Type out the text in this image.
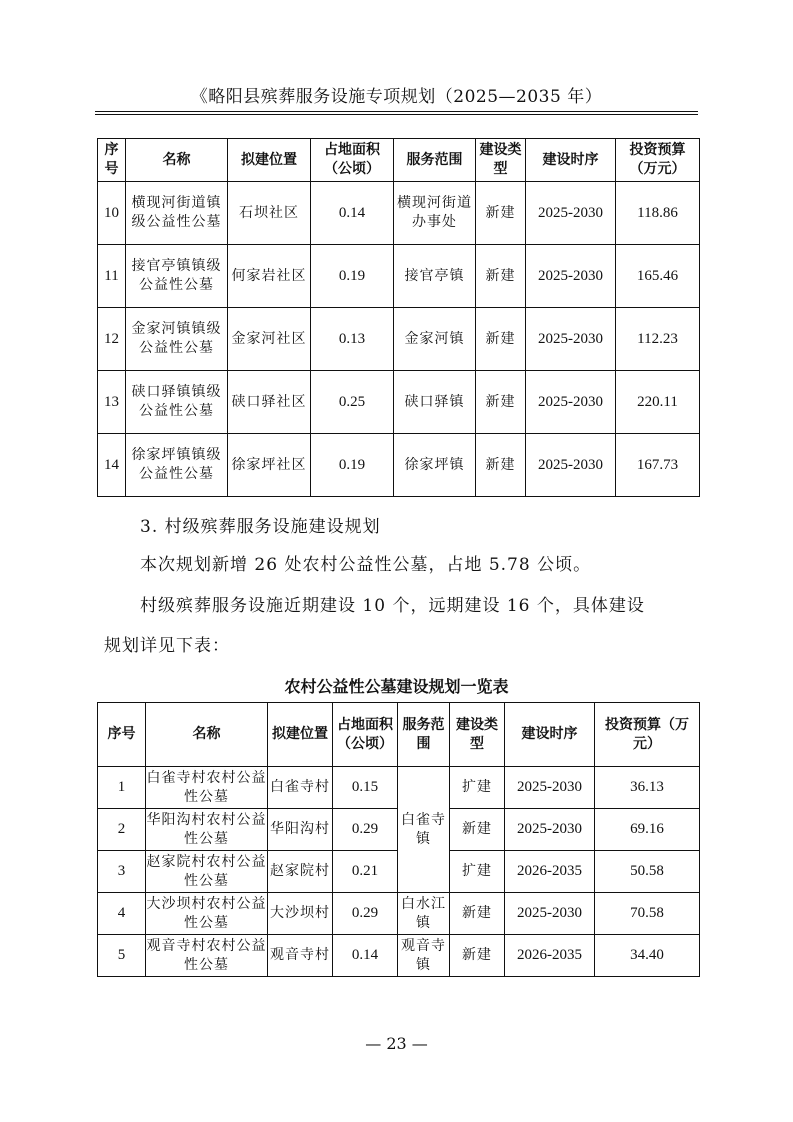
《略阳县殡葬服务设施专项规划（2025—2035 年）
序号	名称	拟建位置	占地面积（公顷）	服务范围	建设类型	建设时序	投资预算（万元）
10	横现河街道镇级公益性公墓	石坝社区	0.14	横现河街道办事处	新建	2025-2030	118.86
11	接官亭镇镇级公益性公墓	何家岩社区	0.19	接官亭镇	新建	2025-2030	165.46
12	金家河镇镇级公益性公墓	金家河社区	0.13	金家河镇	新建	2025-2030	112.23
13	硖口驿镇镇级公益性公墓	硖口驿社区	0.25	硖口驿镇	新建	2025-2030	220.11
14	徐家坪镇镇级公益性公墓	徐家坪社区	0.19	徐家坪镇	新建	2025-2030	167.73
3. 村级殡葬服务设施建设规划
本次规划新增 26 处农村公益性公墓，占地 5.78 公顷。
村级殡葬服务设施近期建设 10 个，远期建设 16 个，具体建设
规划详见下表：
农村公益性公墓建设规划一览表
序号	名称	拟建位置	占地面积（公顷）	服务范围	建设类型	建设时序	投资预算（万元）
1	白雀寺村农村公益性公墓	白雀寺村	0.15	白雀寺镇	扩建	2025-2030	36.13
2	华阳沟村农村公益性公墓	华阳沟村	0.29		新建	2025-2030	69.16
3	赵家院村农村公益性公墓	赵家院村	0.21		扩建	2026-2035	50.58
4	大沙坝村农村公益性公墓	大沙坝村	0.29	白水江镇	新建	2025-2030	70.58
5	观音寺村农村公益性公墓	观音寺村	0.14	观音寺镇	新建	2026-2035	34.40
— 23 —
